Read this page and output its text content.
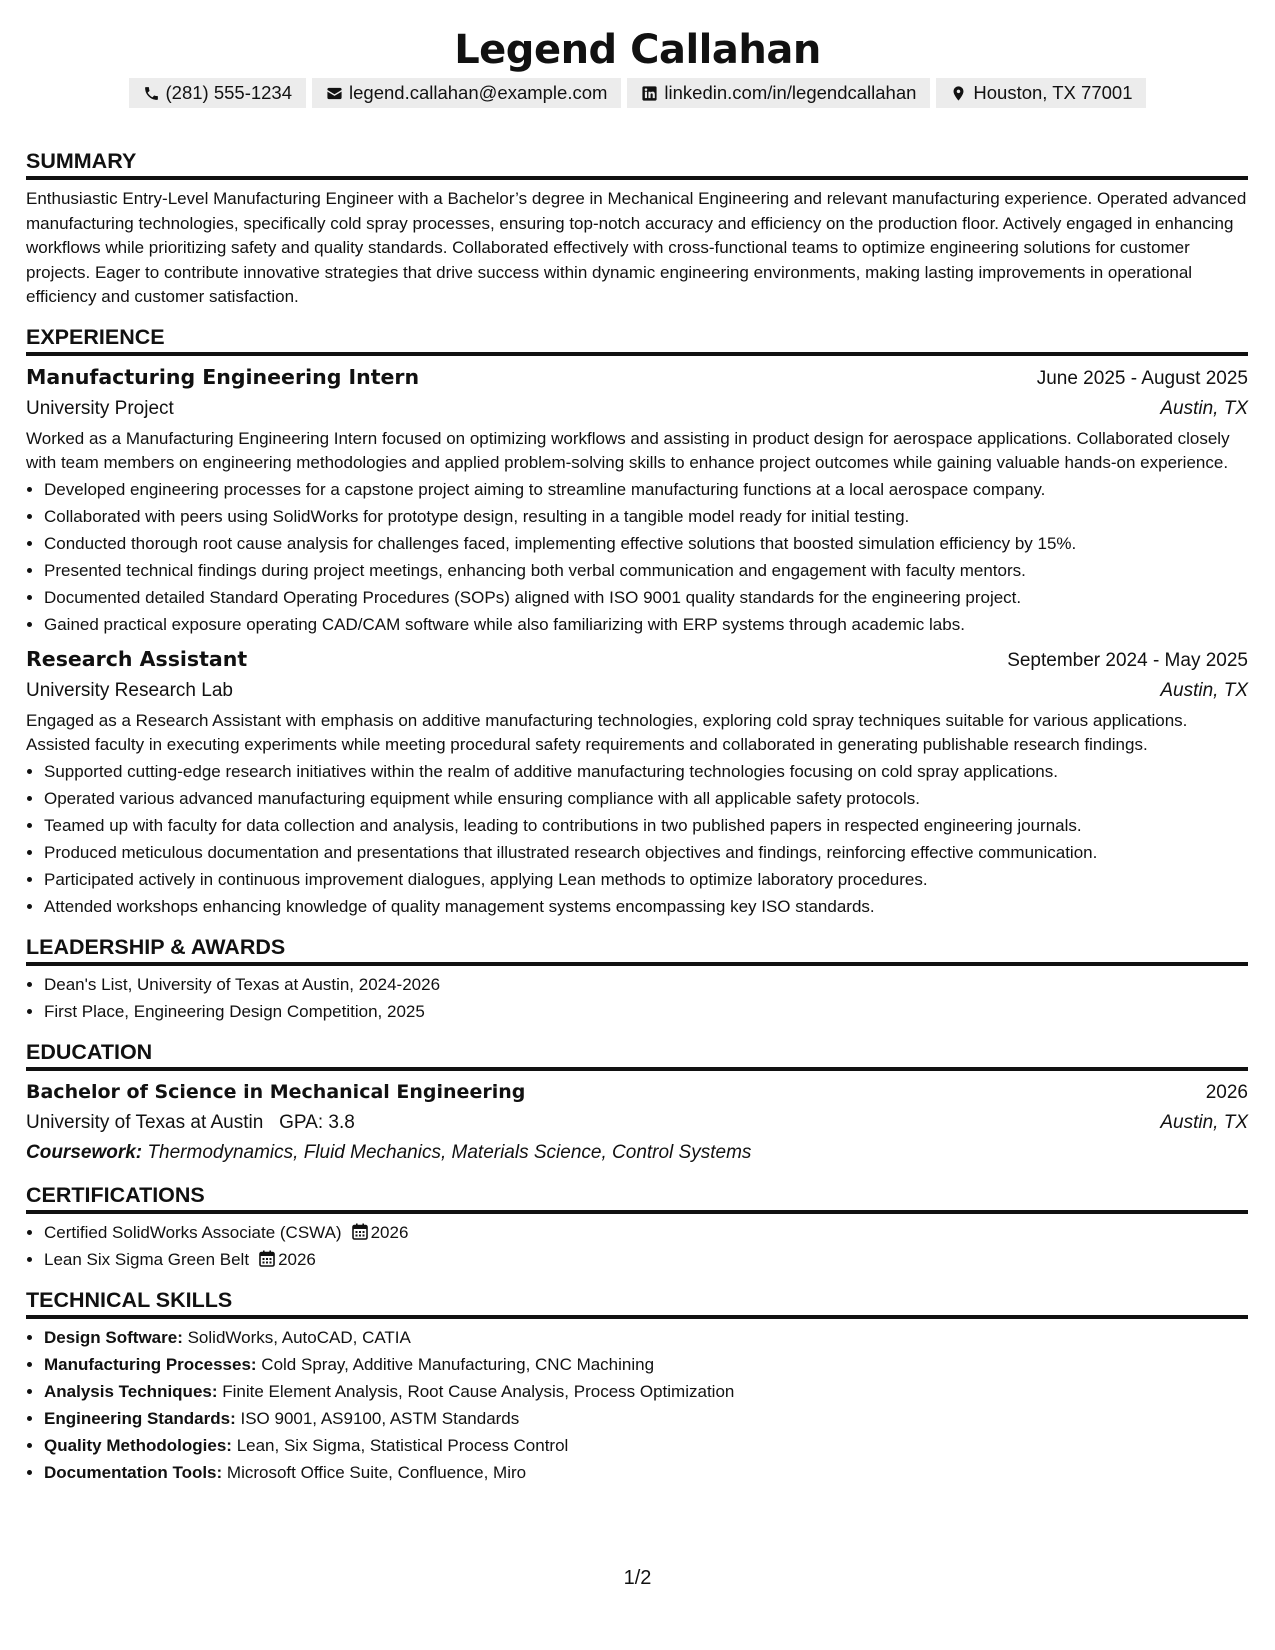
Legend Callahan
(281) 555-1234	legend.callahan@example.com	linkedin.com/in/legendcallahan	Houston, TX 77001
SUMMARY
Enthusiastic Entry-Level Manufacturing Engineer with a Bachelor’s degree in Mechanical Engineering and relevant manufacturing experience. Operated advanced manufacturing technologies, specifically cold spray processes, ensuring top-notch accuracy and efficiency on the production floor. Actively engaged in enhancing workflows while prioritizing safety and quality standards. Collaborated effectively with cross-functional teams to optimize engineering solutions for customer projects. Eager to contribute innovative strategies that drive success within dynamic engineering environments, making lasting improvements in operational efficiency and customer satisfaction.
EXPERIENCE
Manufacturing Engineering Intern	June 2025 - August 2025
University Project	Austin, TX
Worked as a Manufacturing Engineering Intern focused on optimizing workflows and assisting in product design for aerospace applications. Collaborated closely with team members on engineering methodologies and applied problem-solving skills to enhance project outcomes while gaining valuable hands-on experience.
• Developed engineering processes for a capstone project aiming to streamline manufacturing functions at a local aerospace company.
• Collaborated with peers using SolidWorks for prototype design, resulting in a tangible model ready for initial testing.
• Conducted thorough root cause analysis for challenges faced, implementing effective solutions that boosted simulation efficiency by 15%.
• Presented technical findings during project meetings, enhancing both verbal communication and engagement with faculty mentors.
• Documented detailed Standard Operating Procedures (SOPs) aligned with ISO 9001 quality standards for the engineering project.
• Gained practical exposure operating CAD/CAM software while also familiarizing with ERP systems through academic labs.
Research Assistant	September 2024 - May 2025
University Research Lab	Austin, TX
Engaged as a Research Assistant with emphasis on additive manufacturing technologies, exploring cold spray techniques suitable for various applications. Assisted faculty in executing experiments while meeting procedural safety requirements and collaborated in generating publishable research findings.
• Supported cutting-edge research initiatives within the realm of additive manufacturing technologies focusing on cold spray applications.
• Operated various advanced manufacturing equipment while ensuring compliance with all applicable safety protocols.
• Teamed up with faculty for data collection and analysis, leading to contributions in two published papers in respected engineering journals.
• Produced meticulous documentation and presentations that illustrated research objectives and findings, reinforcing effective communication.
• Participated actively in continuous improvement dialogues, applying Lean methods to optimize laboratory procedures.
• Attended workshops enhancing knowledge of quality management systems encompassing key ISO standards.
LEADERSHIP & AWARDS
• Dean's List, University of Texas at Austin, 2024-2026
• First Place, Engineering Design Competition, 2025
EDUCATION
Bachelor of Science in Mechanical Engineering	2026
University of Texas at Austin GPA: 3.8	Austin, TX
Coursework: Thermodynamics, Fluid Mechanics, Materials Science, Control Systems
CERTIFICATIONS
• Certified SolidWorks Associate (CSWA) 2026
• Lean Six Sigma Green Belt 2026
TECHNICAL SKILLS
• Design Software: SolidWorks, AutoCAD, CATIA
• Manufacturing Processes: Cold Spray, Additive Manufacturing, CNC Machining
• Analysis Techniques: Finite Element Analysis, Root Cause Analysis, Process Optimization
• Engineering Standards: ISO 9001, AS9100, ASTM Standards
• Quality Methodologies: Lean, Six Sigma, Statistical Process Control
• Documentation Tools: Microsoft Office Suite, Confluence, Miro
1/2
